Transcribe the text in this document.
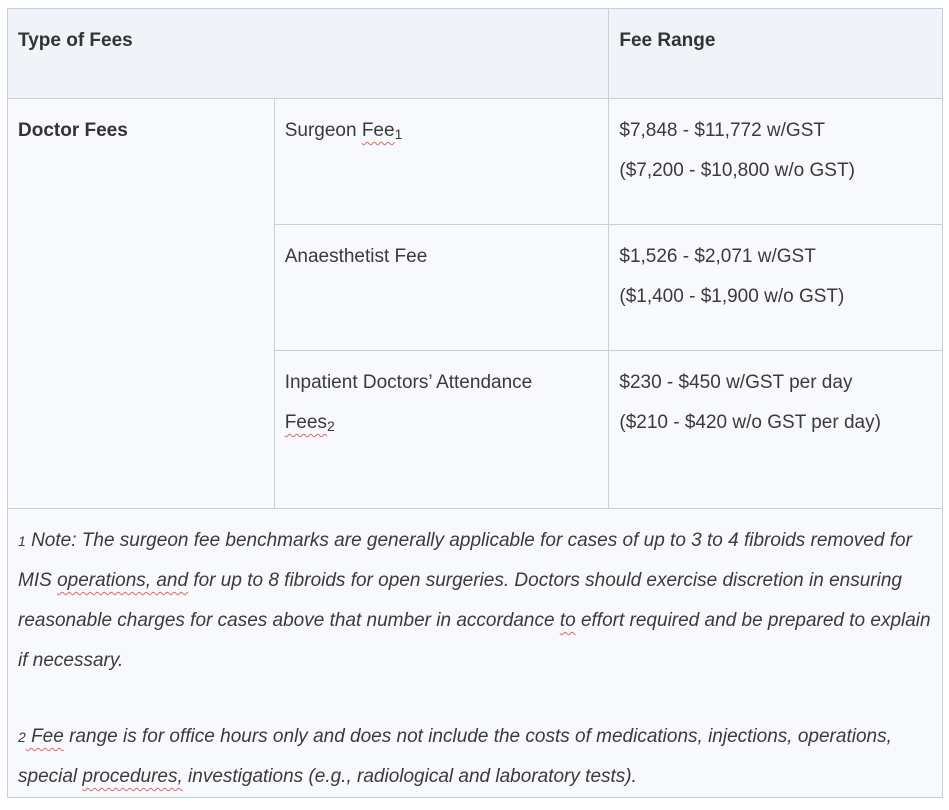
Type of Fees		Fee Range
Doctor Fees	Surgeon Fee$_1$	$7,848 - $11,772 w/GST
($7,200 - $10,800 w/o GST)

	Anaesthetist Fee	$1,526 - $2,071 w/GST
($1,400 - $1,900 w/o GST)

	Inpatient Doctors’ Attendance
Fees$_2$	$230 - $450 w/GST per day
($210 - $420 w/o GST per day)

1 Note: The surgeon fee benchmarks are generally applicable for cases of up to 3 to 4 fibroids removed for MIS operations, and for up to 8 fibroids for open surgeries. Doctors should exercise discretion in ensuring reasonable charges for cases above that number in accordance to effort required and be prepared to explain if necessary.
2 Fee range is for office hours only and does not include the costs of medications, injections, operations, special procedures, investigations (e.g., radiological and laboratory tests).		
